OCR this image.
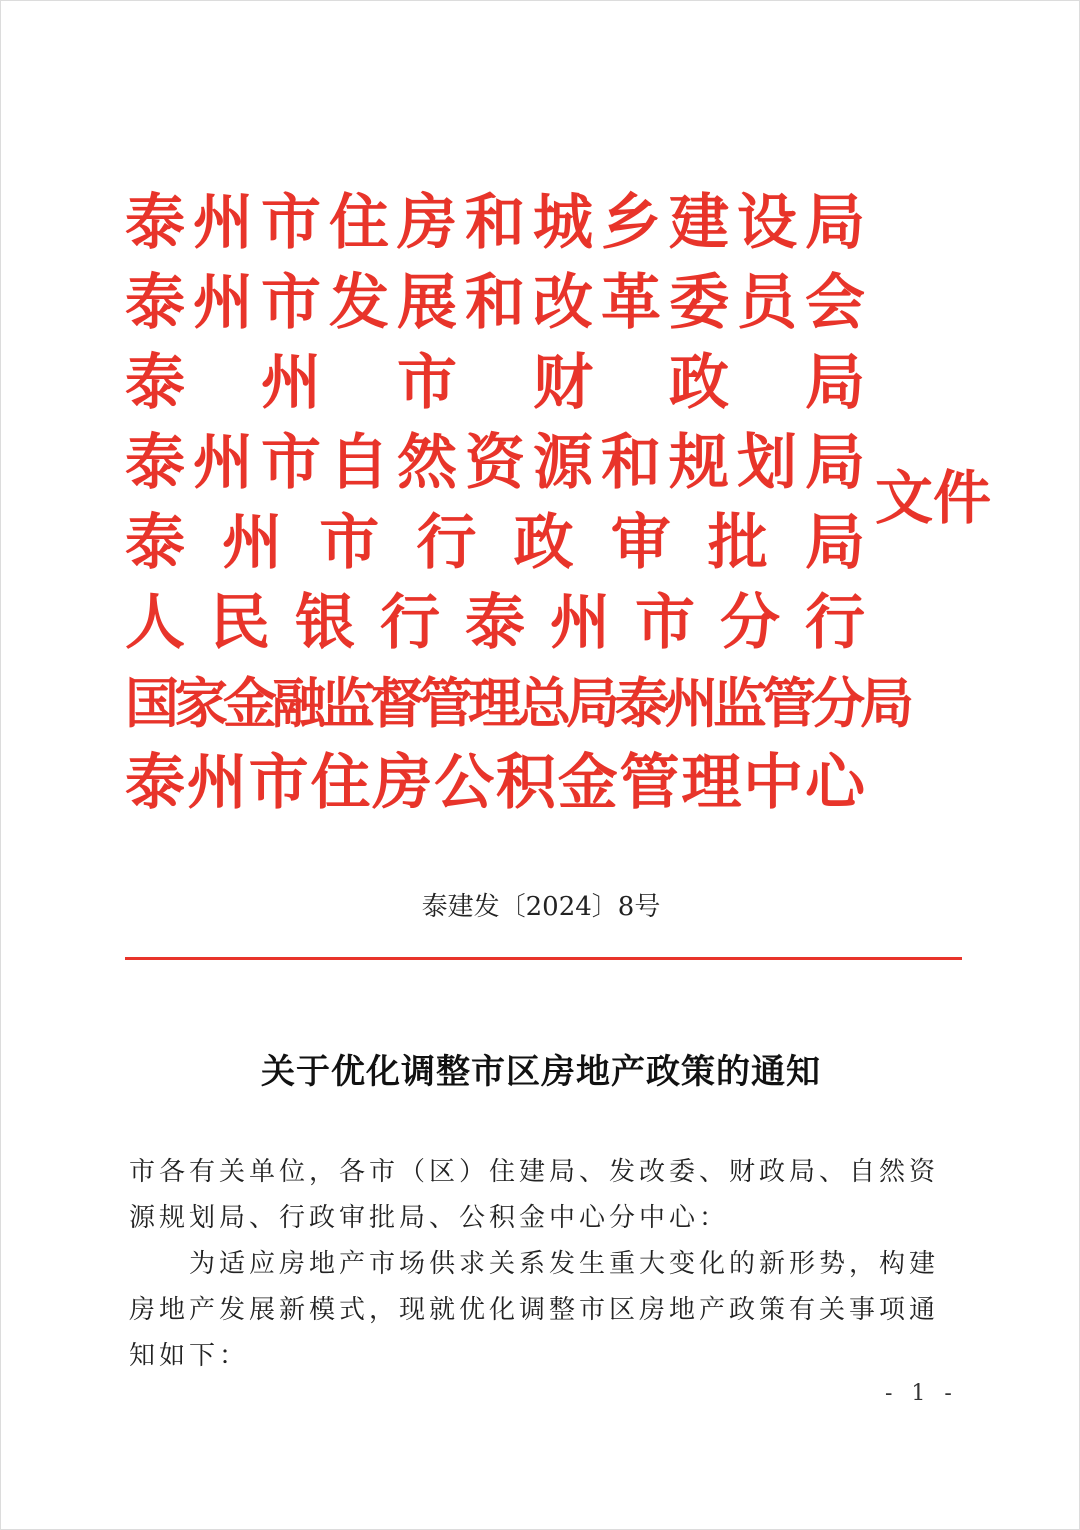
泰 州 市 住 房 和 城 乡 建 设 局
泰 州 市 发 展 和 改 革 委 员 会
泰 州 市 财 政 局
泰 州 市 自 然 资 源 和 规 划 局
泰 州 市 行 政 审 批 局
人 民 银 行 泰 州 市 分 行
国
家
金
融
监
督
管
理
总
局
泰
州
监
管
分
局
泰 州 市 住 房 公 积 金 管 理 中 心
文件
泰建发〔2024〕8号
关于优化调整市区房地产政策的通知

市各有关单位，各市（区）住建局、发改委、财政局、自然资源规划局、行政审批局、公积金中心分中心：

为适应房地产市场供求关系发生重大变化的新形势，构建房地产发展新模式，现就优化调整市区房地产政策有关事项通知如下：

- 1 -
